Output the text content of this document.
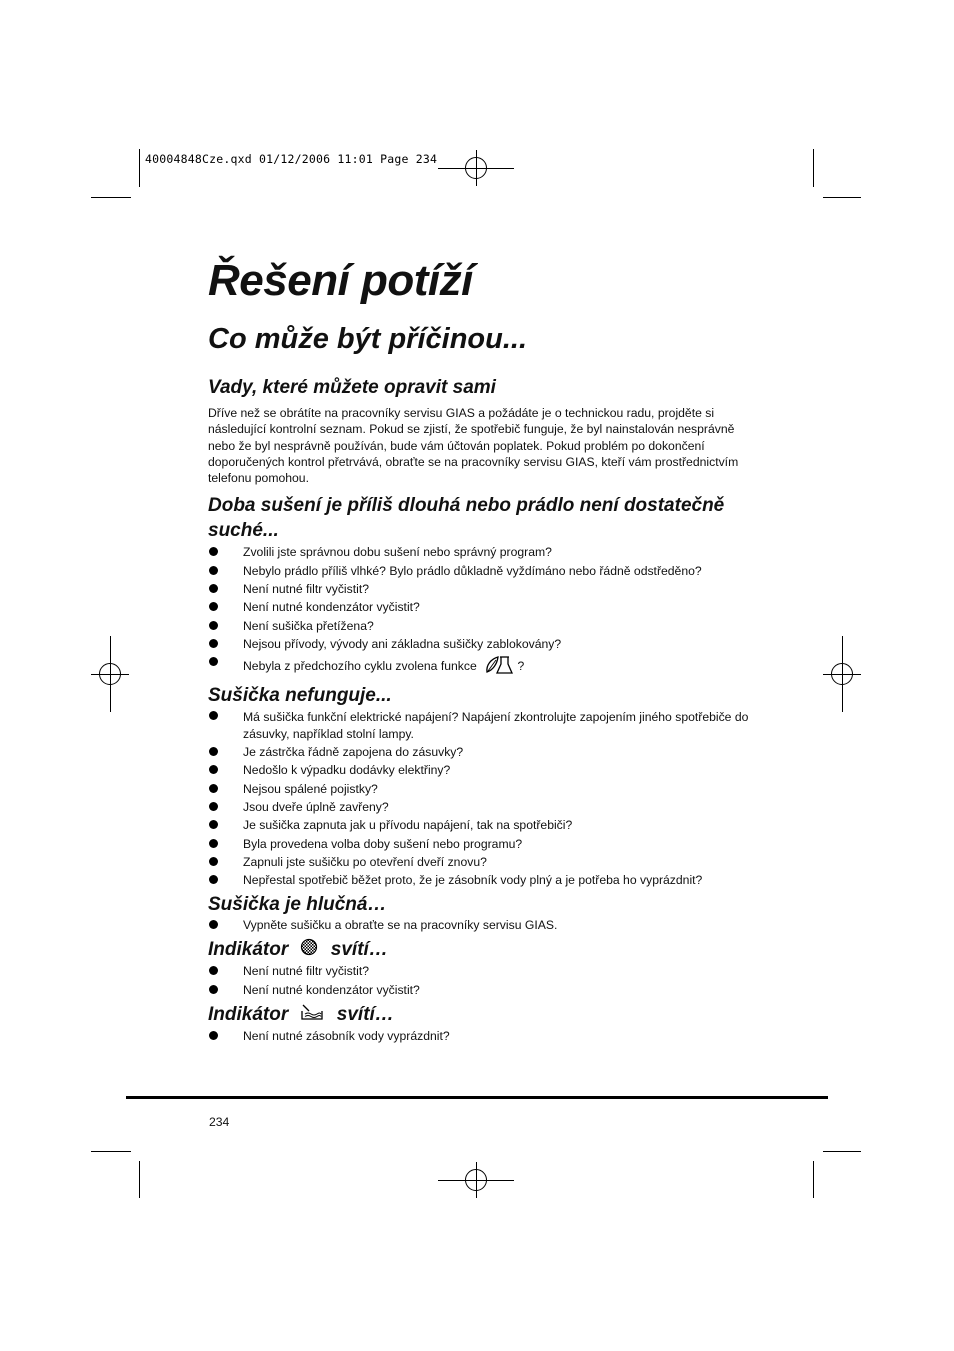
40004848Cze.qxd 01/12/2006 11:01 Page 234
Řešení potíží
Co může být příčinou...
Vady, které můžete opravit sami
Dříve než se obrátíte na pracovníky servisu GIAS a požádáte je o technickou radu, projděte si následující kontrolní seznam. Pokud se zjistí, že spotřebič funguje, že byl nainstalován nesprávně nebo že byl nesprávně používán, bude vám účtován poplatek. Pokud problém po dokončení doporučených kontrol přetrvává, obraťte se na pracovníky servisu GIAS, kteří vám prostřednictvím telefonu pomohou.
Doba sušení je příliš dlouhá nebo prádlo není dostatečně suché...
Zvolili jste správnou dobu sušení nebo správný program?
Nebylo prádlo příliš vlhké? Bylo prádlo důkladně vyždímáno nebo řádně odstředěno?
Není nutné filtr vyčistit?
Není nutné kondenzátor vyčistit?
Není sušička přetížena?
Nejsou přívody, vývody ani základna sušičky zablokovány?
Nebyla z předchozího cyklu zvolena funkce	?
Sušička nefunguje...
Má sušička funkční elektrické napájení? Napájení zkontrolujte zapojením jiného spotřebiče do zásuvky, například stolní lampy.
Je zástrčka řádně zapojena do zásuvky?
Nedošlo k výpadku dodávky elektřiny?
Nejsou spálené pojistky?
Jsou dveře úplně zavřeny?
Je sušička zapnuta jak u přívodu napájení, tak na spotřebiči?
Byla provedena volba doby sušení nebo programu?
Zapnuli jste sušičku po otevření dveří znovu?
Nepřestal spotřebič běžet proto, že je zásobník vody plný a je potřeba ho vyprázdnit?
Sušička je hlučná…
Vypněte sušičku a obraťte se na pracovníky servisu GIAS.
Indikátor svítí…
Není nutné filtr vyčistit?
Není nutné kondenzátor vyčistit?
Indikátor	svítí…
Není nutné zásobník vody vyprázdnit?
234
